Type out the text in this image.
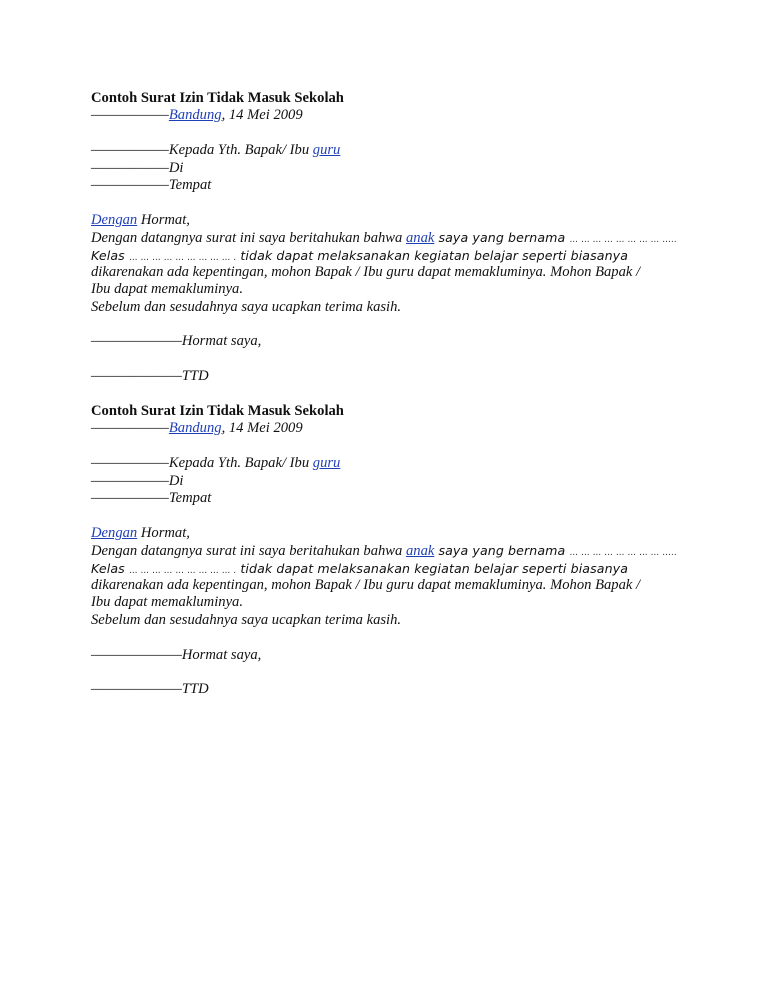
Contoh Surat Izin Tidak Masuk Sekolah
——————Bandung, 14 Mei 2009
——————Kepada Yth. Bapak/ Ibu guru
——————Di
——————Tempat
Dengan Hormat,
Dengan datangnya surat ini saya beritahukan bahwa anak saya yang bernama … … … … … … … … …..
Kelas … … … … … … … … … . tidak dapat melaksanakan kegiatan belajar seperti biasanya
dikarenakan ada kepentingan, mohon Bapak / Ibu guru dapat memakluminya. Mohon Bapak /
Ibu dapat memakluminya.
Sebelum dan sesudahnya saya ucapkan terima kasih.
———————Hormat saya,
———————TTD
Contoh Surat Izin Tidak Masuk Sekolah
——————Bandung, 14 Mei 2009
——————Kepada Yth. Bapak/ Ibu guru
——————Di
——————Tempat
Dengan Hormat,
Dengan datangnya surat ini saya beritahukan bahwa anak saya yang bernama … … … … … … … … …..
Kelas … … … … … … … … … . tidak dapat melaksanakan kegiatan belajar seperti biasanya
dikarenakan ada kepentingan, mohon Bapak / Ibu guru dapat memakluminya. Mohon Bapak /
Ibu dapat memakluminya.
Sebelum dan sesudahnya saya ucapkan terima kasih.
———————Hormat saya,
———————TTD
